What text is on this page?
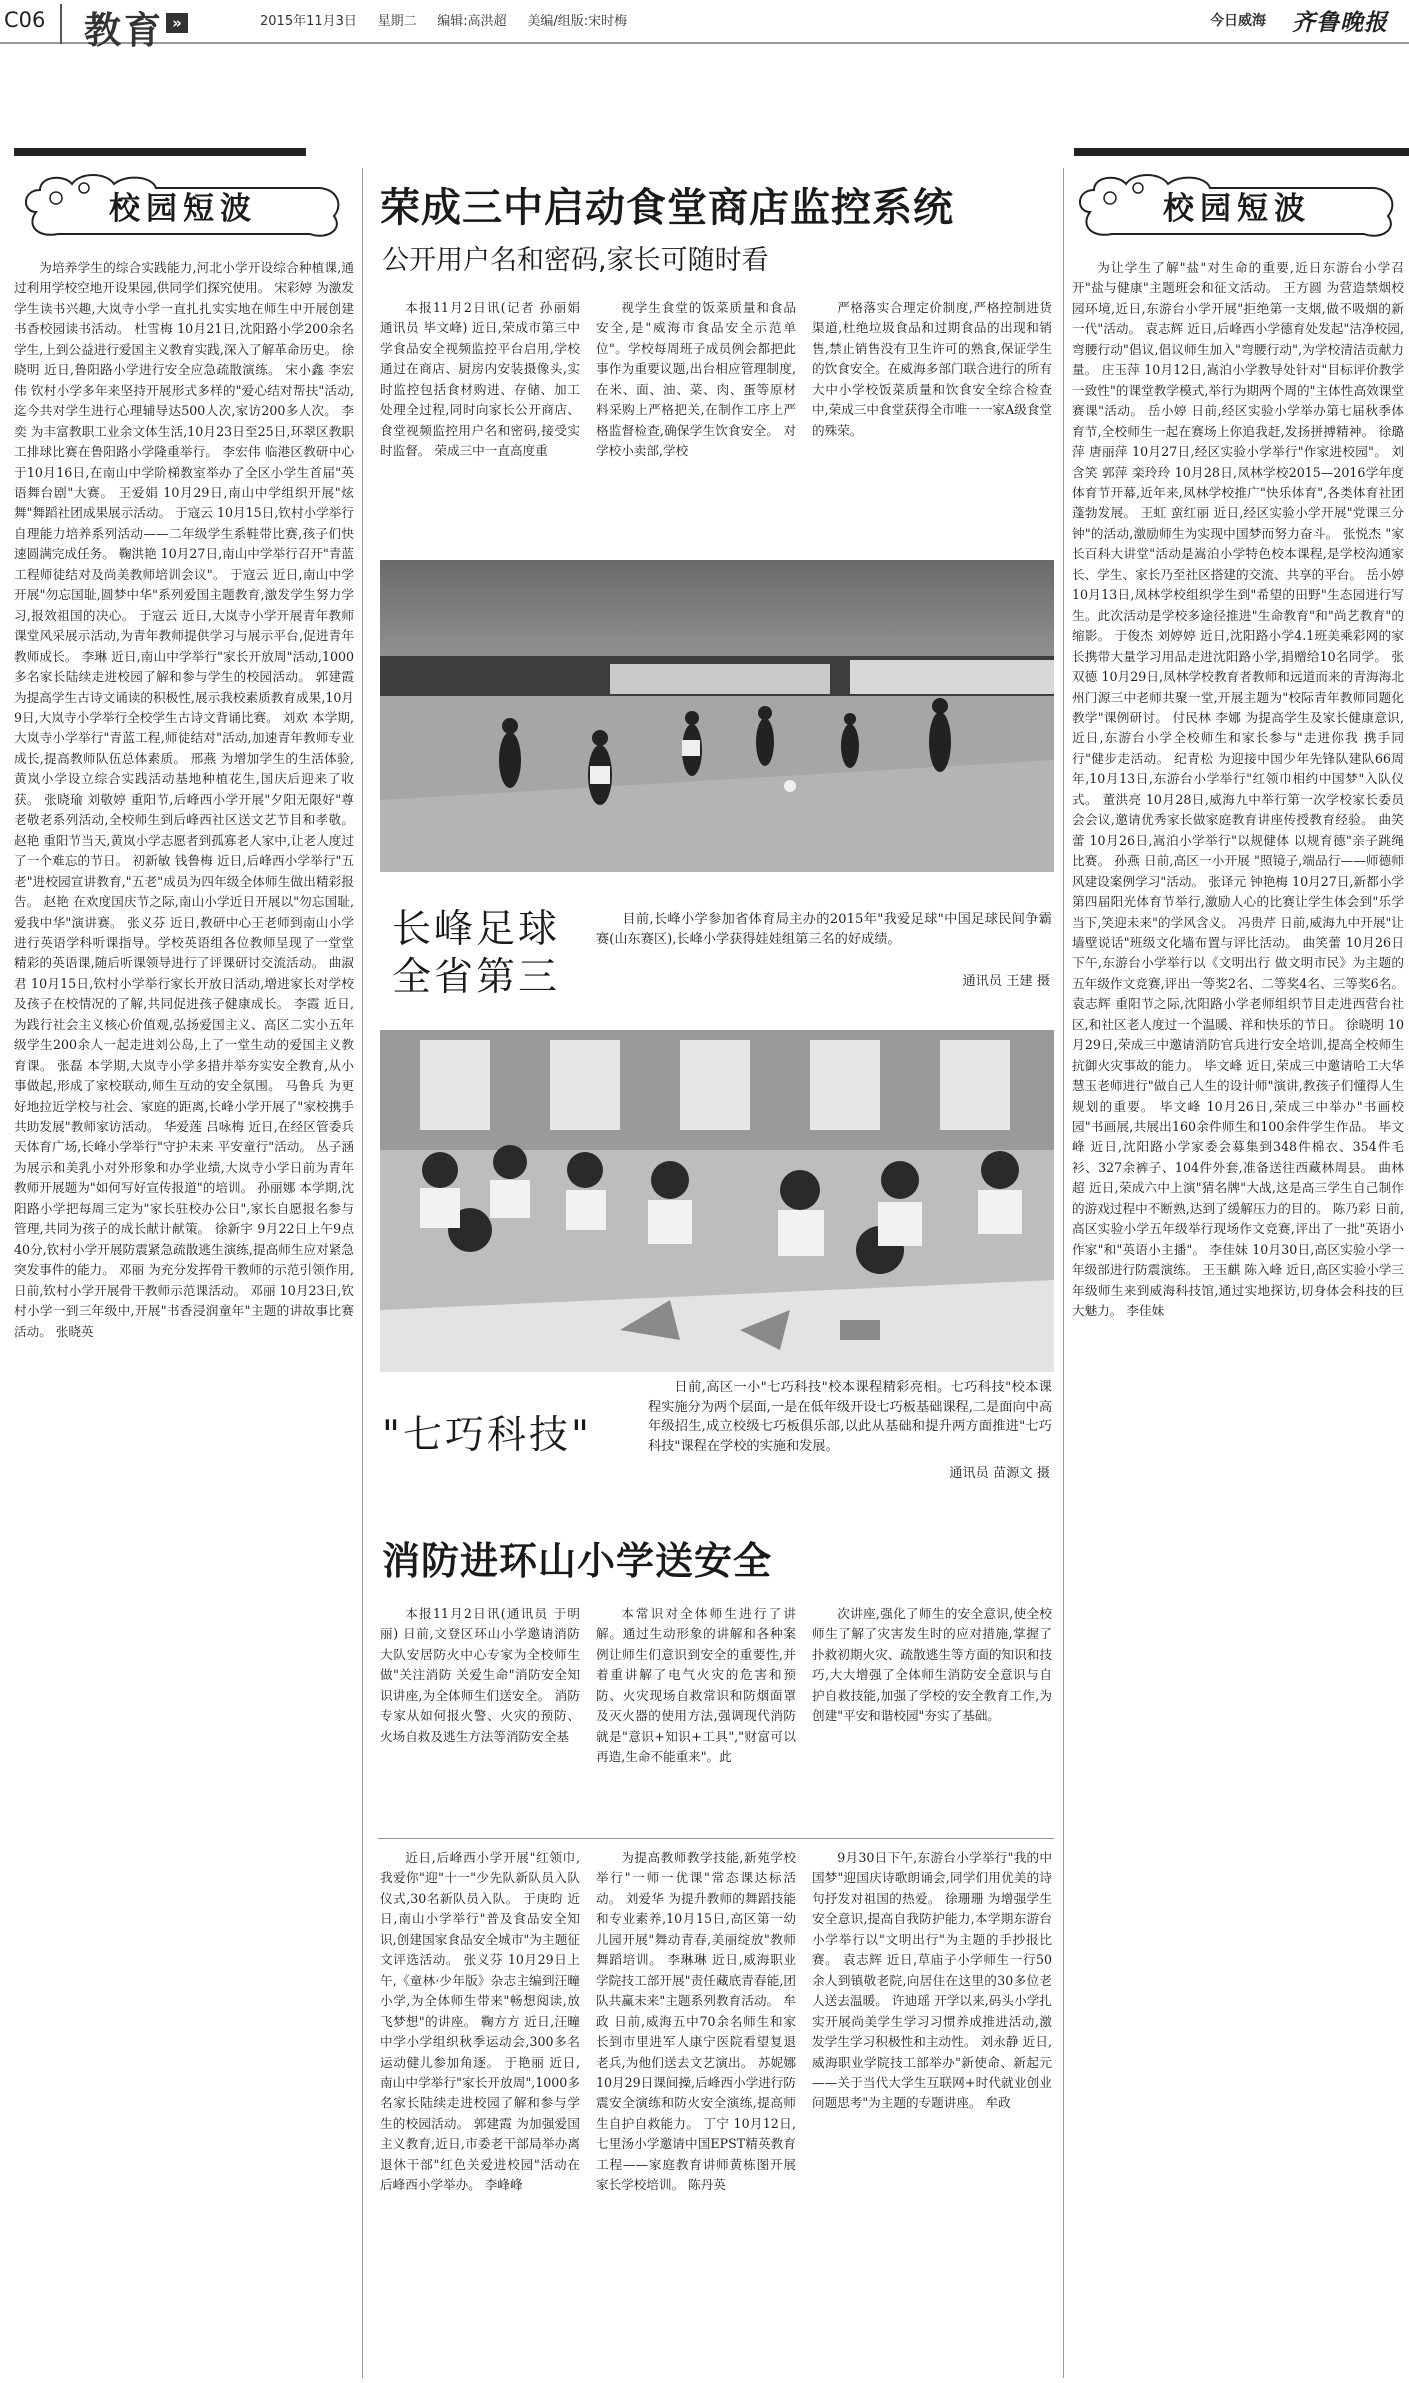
C06 教育 »	2015年11月3日 星期二 编辑:高洪超 美编/组版:宋时梅	今日威海 齐鲁晚报
校园短波	校园短波

为培养学生的综合实践能力,河北小学开设综合种植课,通过利用学校空地开设果园,供同学们探究使用。 宋彩婷 为激发学生读书兴趣,大岚寺小学一直扎扎实实地在师生中开展创建书香校园读书活动。 杜雪梅 10月21日,沈阳路小学200余名学生,上到公益进行爱国主义教育实践,深入了解革命历史。 徐晓明 近日,鲁阳路小学进行安全应急疏散演练。 宋小鑫 李宏伟 钦村小学多年来坚持开展形式多样的"爱心结对帮扶"活动,迄今共对学生进行心理辅导达500人次,家访200多人次。 李奕 为丰富教职工业余文体生活,10月23日至25日,环翠区教职工排球比赛在鲁阳路小学隆重举行。 李宏伟 临港区教研中心于10月16日,在南山中学阶梯教室举办了全区小学生首届"英语舞台剧"大赛。 王爱娟 10月29日,南山中学组织开展"炫舞"舞蹈社团成果展示活动。 于寇云 10月15日,钦村小学举行自理能力培养系列活动——二年级学生系鞋带比赛,孩子们快速圆满完成任务。 鞠洪艳 10月27日,南山中学举行召开"青蓝工程师徒结对及尚美教师培训会议"。 于寇云 近日,南山中学开展"勿忘国耻,圆梦中华"系列爱国主题教育,激发学生努力学习,报效祖国的决心。 于寇云 近日,大岚寺小学开展青年教师课堂风采展示活动,为青年教师提供学习与展示平台,促进青年教师成长。 李琳 近日,南山中学举行"家长开放周"活动,1000多名家长陆续走进校园了解和参与学生的校园活动。 郭建霞 为提高学生古诗文诵读的积极性,展示我校素质教育成果,10月9日,大岚寺小学举行全校学生古诗文背诵比赛。 刘欢 本学期,大岚寺小学举行"青蓝工程,师徒结对"活动,加速青年教师专业成长,提高教师队伍总体素质。 邢燕 为增加学生的生活体验,黄岚小学设立综合实践活动基地种植花生,国庆后迎来了收获。 张晓瑜 刘敬婷 重阳节,后峰西小学开展"夕阳无限好"尊老敬老系列活动,全校师生到后峰西社区送文艺节目和孝敬。 赵艳 重阳节当天,黄岚小学志愿者到孤寡老人家中,让老人度过了一个难忘的节日。 初新敏 钱鲁梅 近日,后峰西小学举行"五老"进校园宣讲教育,"五老"成员为四年级全体师生做出精彩报告。 赵艳 在欢度国庆节之际,南山小学近日开展以"勿忘国耻,爱我中华"演讲赛。 张义芬 近日,教研中心王老师到南山小学进行英语学科听课指导。学校英语组各位教师呈现了一堂堂精彩的英语课,随后听课领导进行了评课研讨交流活动。 曲淑君 10月15日,钦村小学举行家长开放日活动,增进家长对学校及孩子在校情况的了解,共同促进孩子健康成长。 李霞 近日,为践行社会主义核心价值观,弘扬爱国主义、高区二实小五年级学生200余人一起走进刘公岛,上了一堂生动的爱国主义教育课。 张磊 本学期,大岚寺小学多措并举夯实安全教育,从小事做起,形成了家校联动,师生互动的安全氛围。 马鲁兵 为更好地拉近学校与社会、家庭的距离,长峰小学开展了"家校携手 共助发展"教师家访活动。 华爱莲 吕咏梅 近日,在经区管委兵天体育广场,长峰小学举行"守护未来 平安童行"活动。 丛子涵 为展示和美乳小对外形象和办学业绩,大岚寺小学日前为青年教师开展题为"如何写好宣传报道"的培训。 孙丽娜 本学期,沈阳路小学把每周三定为"家长驻校办公日",家长自愿报名参与管理,共同为孩子的成长献计献策。 徐新宇 9月22日上午9点40分,钦村小学开展防震紧急疏散逃生演练,提高师生应对紧急突发事件的能力。 邓丽 为充分发挥骨干教师的示范引领作用,日前,钦村小学开展骨干教师示范课活动。 邓丽 10月23日,钦村小学一到三年级中,开展"书香浸润童年"主题的讲故事比赛活动。 张晓英

为让学生了解"盐"对生命的重要,近日东游台小学召开"盐与健康"主题班会和征文活动。 王方圆 为营造禁烟校园环境,近日,东游台小学开展"拒绝第一支烟,做不吸烟的新一代"活动。 袁志辉 近日,后峰西小学德育处发起"洁净校园,弯腰行动"倡议,倡议师生加入"弯腰行动",为学校清洁贡献力量。 庄玉萍 10月12日,嵩泊小学教导处针对"目标评价教学一致性"的课堂教学模式,举行为期两个周的"主体性高效课堂赛课"活动。 岳小婷 日前,经区实验小学举办第七届秋季体育节,全校师生一起在赛场上你追我赶,发扬拼搏精神。 徐璐萍 唐丽萍 10月27日,经区实验小学举行"作家进校园"。 刘含笑 郭萍 栾玲玲 10月28日,凤林学校2015—2016学年度体育节开幕,近年来,凤林学校推广"快乐体育",各类体育社团蓬勃发展。 王虹 蛮红丽 近日,经区实验小学开展"党课三分钟"的活动,激励师生为实现中国梦而努力奋斗。 张悦杰 "家长百科大讲堂"活动是嵩泊小学特色校本课程,是学校沟通家长、学生、家长乃至社区搭建的交流、共享的平台。 岳小婷 10月13日,凤林学校组织学生到"希望的田野"生态园进行写生。此次活动是学校多途径推进"生命教育"和"尚艺教育"的缩影。 于俊杰 刘婷婷 近日,沈阳路小学4.1班美乘彩网的家长携带大量学习用品走进沈阳路小学,捐赠给10名同学。 张双德 10月29日,凤林学校教育者教师和远道而来的青海海北州门源三中老师共聚一堂,开展主题为"校际青年教师同题化教学"课例研讨。 付民林 李娜 为提高学生及家长健康意识,近日,东游台小学全校师生和家长参与"走进你我 携手同行"健步走活动。 纪青松 为迎接中国少年先锋队建队66周年,10月13日,东游台小学举行"红领巾相约中国梦"入队仪式。 董洪亮 10月28日,威海九中举行第一次学校家长委员会会议,邀请优秀家长做家庭教育讲座传授教育经验。 曲笑蕾 10月26日,嵩泊小学举行"以规健体 以规育德"亲子跳绳比赛。 孙燕 日前,高区一小开展 "照镜子,端品行——师德师风建设案例学习"活动。 张译元 钟艳梅 10月27日,新都小学第四届阳光体育节举行,激励人心的比赛让学生体会到"乐学当下,笑迎未来"的学风含义。 冯贵芹 日前,威海九中开展"让墙壁说话"班级文化墙布置与评比活动。 曲笑蕾 10月26日下午,东游台小学举行以《文明出行 做文明市民》为主题的五年级作文竞赛,评出一等奖2名、二等奖4名、三等奖6名。 袁志辉 重阳节之际,沈阳路小学老师组织节目走进西营台社区,和社区老人度过一个温暖、祥和快乐的节日。 徐晓明 10月29日,荣成三中邀请消防官兵进行安全培训,提高全校师生抗御火灾事故的能力。 毕文峰 近日,荣成三中邀请哈工大华慧玉老师进行"做自己人生的设计师"演讲,教孩子们懂得人生规划的重要。 毕文峰 10月26日,荣成三中举办"书画校园"书画展,共展出160余件师生和100余件学生作品。 毕文峰 近日,沈阳路小学家委会募集到348件棉衣、354件毛衫、327余裤子、104件外套,准备送往西藏林周县。 曲林超 近日,荣成六中上演"猜名牌"大战,这是高三学生自己制作的游戏过程中不断熟,达到了缓解压力的目的。 陈乃彩 日前,高区实验小学五年级举行现场作文竞赛,评出了一批"英语小作家"和"英语小主播"。 李佳妹 10月30日,高区实验小学一年级部进行防震演练。 王玉麒 陈入峰 近日,高区实验小学三年级师生来到威海科技馆,通过实地探访,切身体会科技的巨大魅力。 李佳妹

荣成三中启动食堂商店监控系统
公开用户名和密码,家长可随时看

本报11月2日讯(记者 孙丽娟 通讯员 毕文峰) 近日,荣成市第三中学食品安全视频监控平台启用,学校通过在商店、厨房内安装摄像头,实时监控包括食材购进、存储、加工处理全过程,同时向家长公开商店、食堂视频监控用户名和密码,接受实时监督。 荣成三中一直高度重

视学生食堂的饭菜质量和食品安全,是"威海市食品安全示范单位"。学校每周班子成员例会都把此事作为重要议题,出台相应管理制度,在米、面、油、菜、肉、蛋等原材料采购上严格把关,在制作工序上严格监督检查,确保学生饮食安全。 对学校小卖部,学校

严格落实合理定价制度,严格控制进货渠道,杜绝垃圾食品和过期食品的出现和销售,禁止销售没有卫生许可的熟食,保证学生的饮食安全。在威海多部门联合进行的所有大中小学校饭菜质量和饮食安全综合检查中,荣成三中食堂获得全市唯一一家A级食堂的殊荣。

长峰足球
全省第三

目前,长峰小学参加省体育局主办的2015年"我爱足球"中国足球民间争霸赛(山东赛区),长峰小学获得娃娃组第三名的好成绩。

通讯员 王建 摄
"七巧科技"

日前,高区一小"七巧科技"校本课程精彩亮相。七巧科技"校本课程实施分为两个层面,一是在低年级开设七巧板基础课程,二是面向中高年级招生,成立校级七巧板俱乐部,以此从基础和提升两方面推进"七巧科技"课程在学校的实施和发展。

通讯员 苗源文 摄
消防进环山小学送安全

本报11月2日讯(通讯员 于明丽) 日前,文登区环山小学邀请消防大队安居防火中心专家为全校师生做"关注消防 关爱生命"消防安全知识讲座,为全体师生们送安全。 消防专家从如何报火警、火灾的预防、火场自救及逃生方法等消防安全基

本常识对全体师生进行了讲解。通过生动形象的讲解和各种案例让师生们意识到安全的重要性,并着重讲解了电气火灾的危害和预防、火灾现场自救常识和防烟面罩及灭火器的使用方法,强调现代消防就是"意识+知识+工具","财富可以再造,生命不能重来"。此

次讲座,强化了师生的安全意识,使全校师生了解了灾害发生时的应对措施,掌握了扑救初期火灾、疏散逃生等方面的知识和技巧,大大增强了全体师生消防安全意识与自护自救技能,加强了学校的安全教育工作,为创建"平安和谐校园"夯实了基础。

近日,后峰西小学开展"红领巾,我爱你"迎"十一"少先队新队员入队仪式,30名新队员入队。 于庚昀 近日,南山小学举行"普及食品安全知识,创建国家食品安全城市"为主题征文评选活动。 张义芬 10月29日上午,《童林·少年版》杂志主编到汪疃小学,为全体师生带来"畅想阅读,放飞梦想"的讲座。 鞠方方 近日,汪疃中学小学组织秋季运动会,300多名运动健儿参加角逐。 于艳丽 近日,南山中学举行"家长开放周",1000多名家长陆续走进校园了解和参与学生的校园活动。 郭建霞 为加强爱国主义教育,近日,市委老干部局举办离退休干部"红色关爱进校园"活动在后峰西小学举办。 李峰峰

为提高教师教学技能,新苑学校举行"一师一优课"常态课达标活动。 刘爱华 为提升教师的舞蹈技能和专业素养,10月15日,高区第一幼儿园开展"舞动青春,美丽绽放"教师舞蹈培训。 李琳琳 近日,威海职业学院技工部开展"责任藏底青春能,团队共赢未来"主题系列教育活动。 牟政 日前,威海五中70余名师生和家长到市里进军人康宁医院看望复退老兵,为他们送去文艺演出。 苏妮娜 10月29日课间操,后峰西小学进行防震安全演练和防火安全演练,提高师生自护自救能力。 丁宁 10月12日,七里汤小学邀请中国EPST精英教育工程——家庭教育讲师黄栋图开展家长学校培训。 陈丹英

9月30日下午,东游台小学举行"我的中国梦"迎国庆诗歌朗诵会,同学们用优美的诗句抒发对祖国的热爱。 徐珊珊 为增强学生安全意识,提高自我防护能力,本学期东游台小学举行以"文明出行"为主题的手抄报比赛。 袁志辉 近日,草庙子小学师生一行50余人到镇敬老院,向居住在这里的30多位老人送去温暖。 许迪瑶 开学以来,码头小学扎实开展尚美学生学习习惯养成推进活动,激发学生学习积极性和主动性。 刘永静 近日,威海职业学院技工部举办"新使命、新起元——关于当代大学生互联网+时代就业创业问题思考"为主题的专题讲座。 牟政
